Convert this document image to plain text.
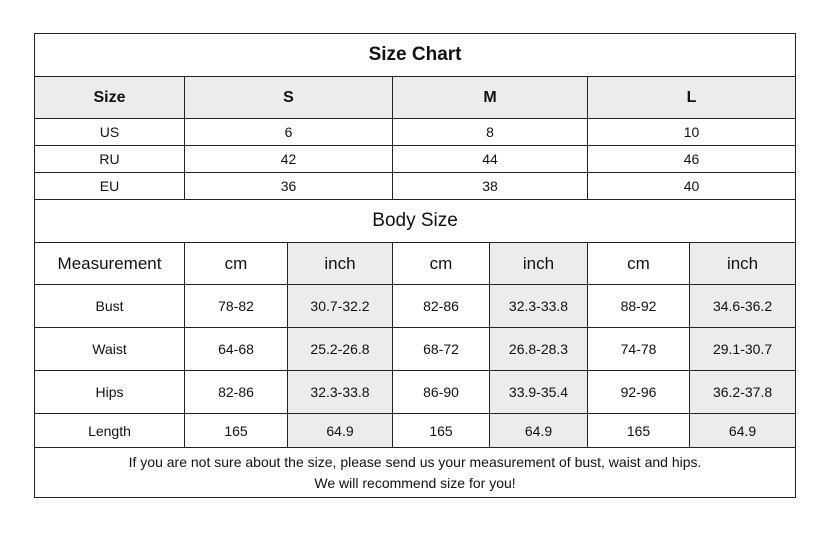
Size Chart						
Size	S		M		L	
US	6		8		10	
RU	42		44		46	
EU	36		38		40	
Body Size						
Measurement	cm	inch	cm	inch	cm	inch
Bust	78-82	30.7-32.2	82-86	32.3-33.8	88-92	34.6-36.2
Waist	64-68	25.2-26.8	68-72	26.8-28.3	74-78	29.1-30.7
Hips	82-86	32.3-33.8	86-90	33.9-35.4	92-96	36.2-37.8
Length	165	64.9	165	64.9	165	64.9

If you are not sure about the size, please send us your measurement of bust, waist and hips.
We will recommend size for you!						
